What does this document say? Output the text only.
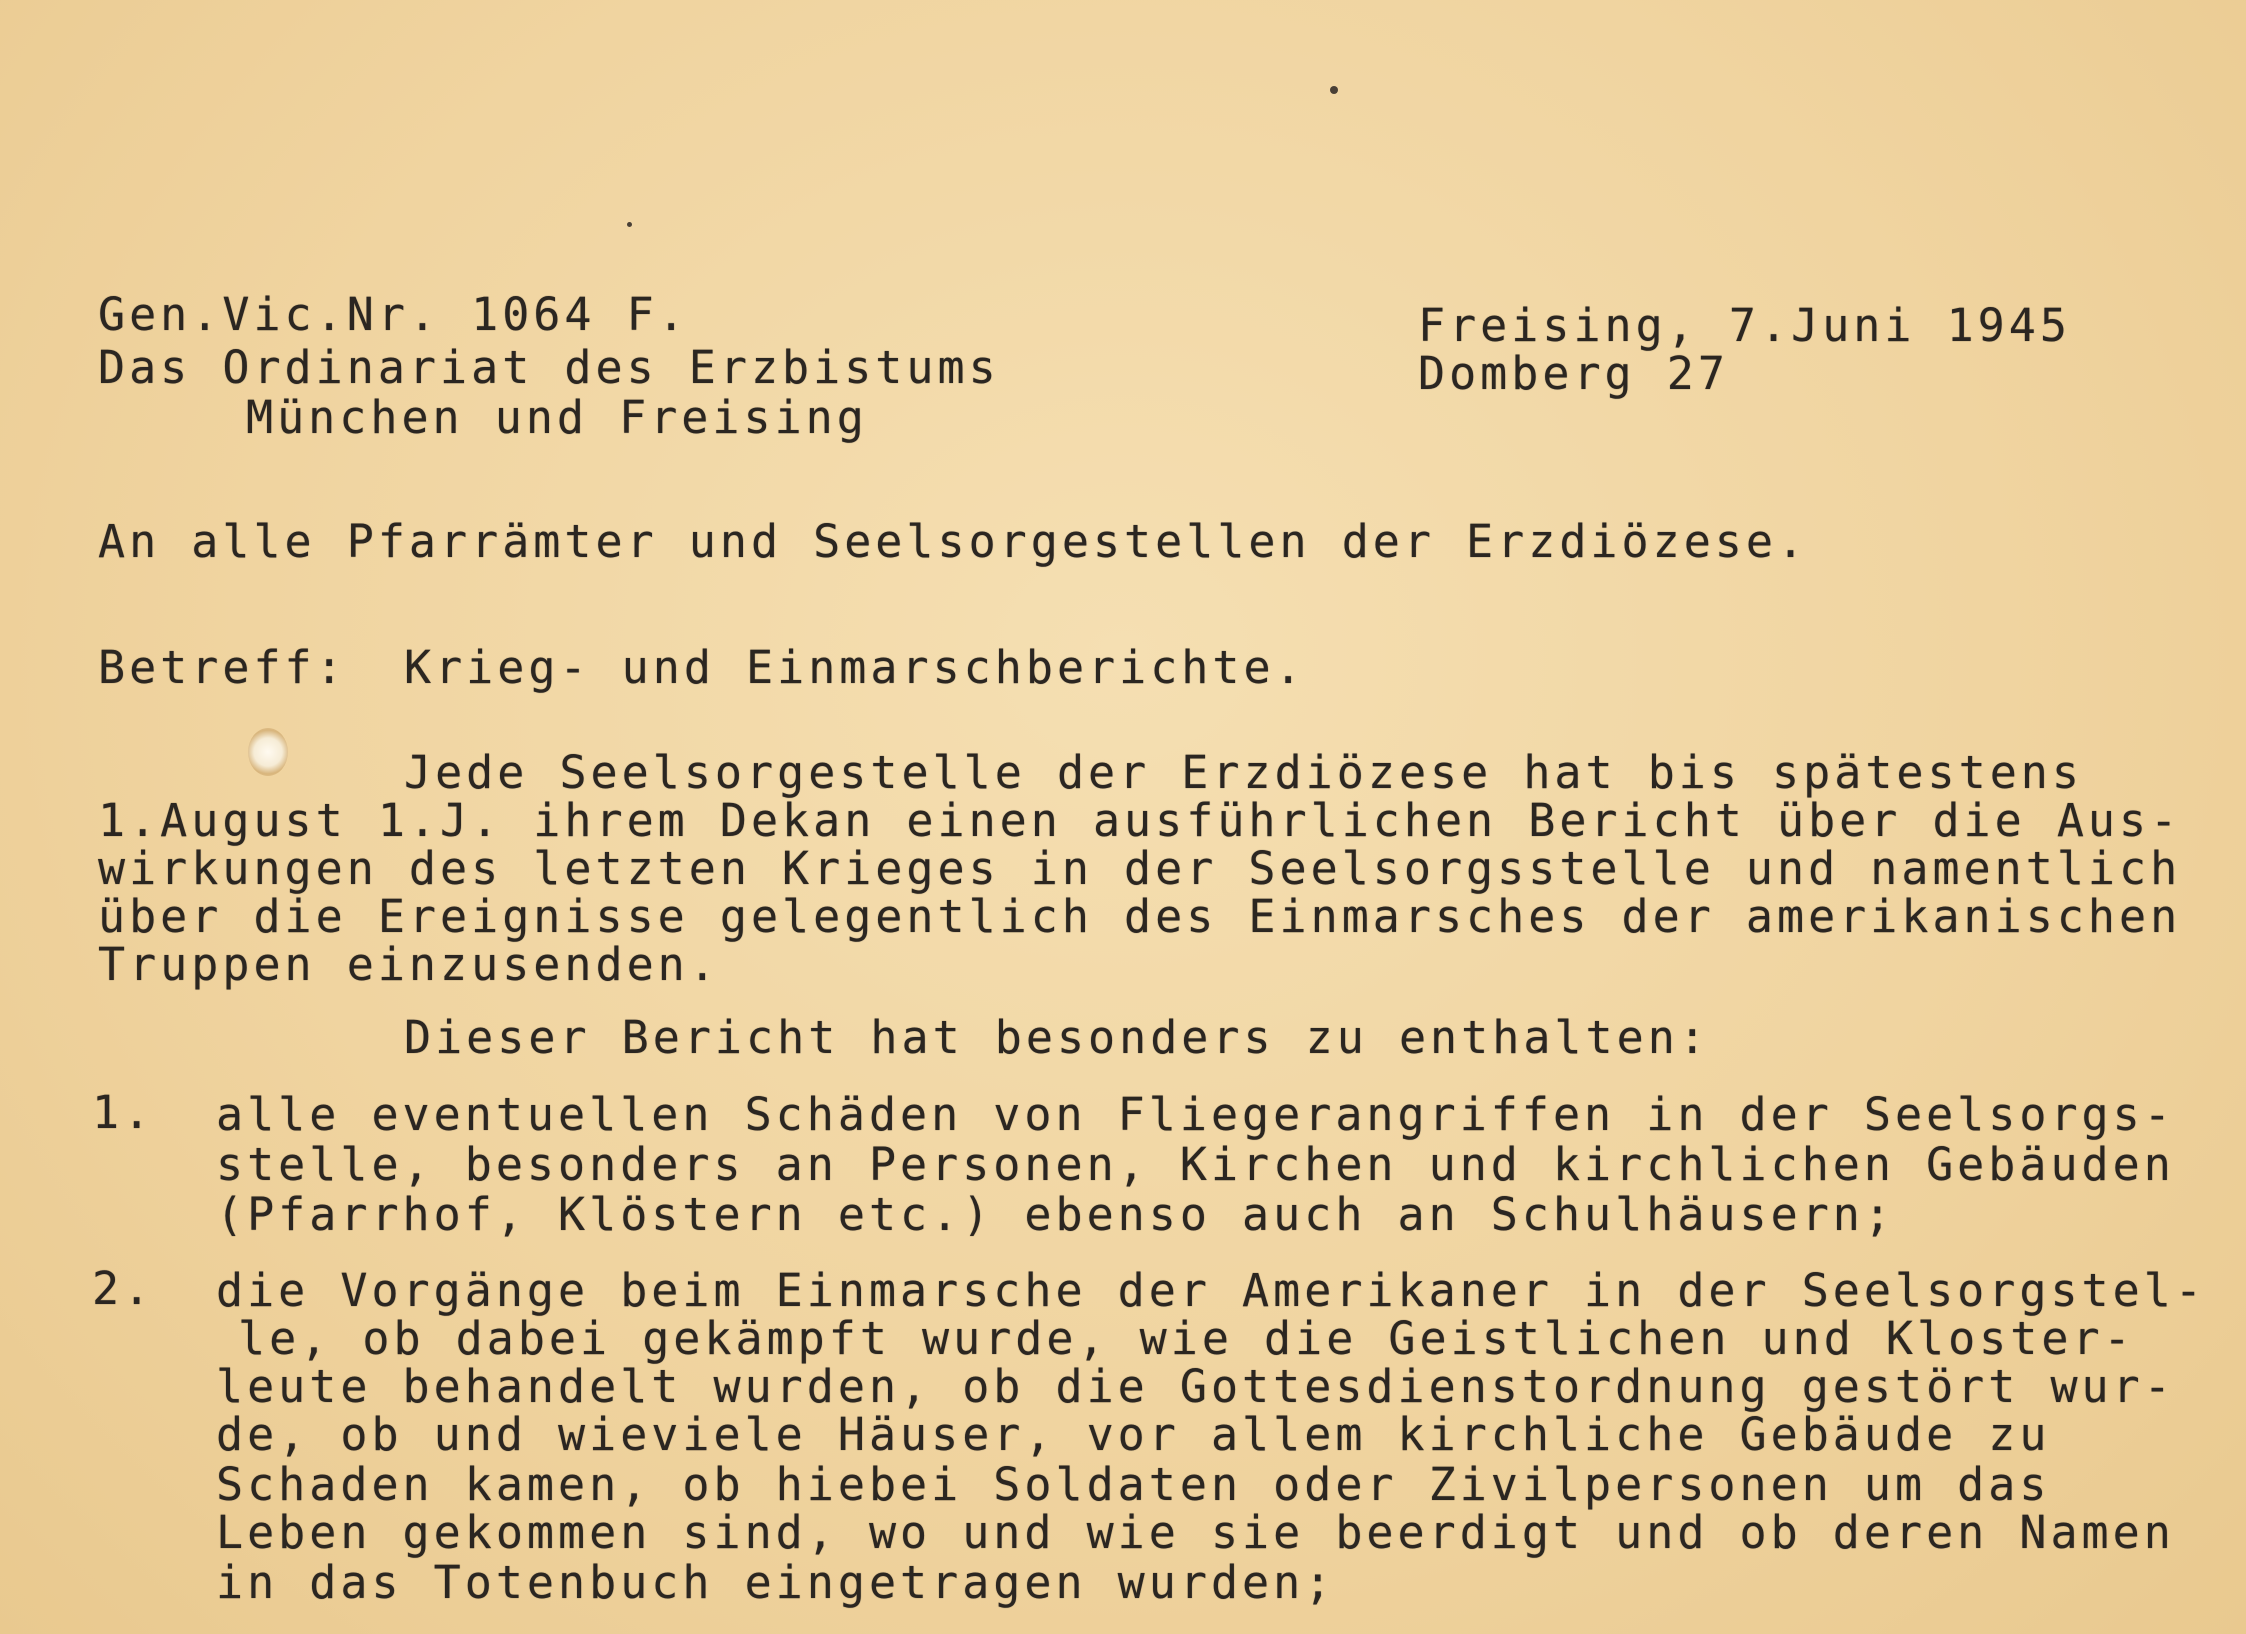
Gen.Vic.Nr. 1064 F.
Das Ordinariat des Erzbistums
München und Freising
Freising, 7.Juni 1945
Domberg 27
An alle Pfarrämter und Seelsorgestellen der Erzdiözese.
Betreff: Krieg- und Einmarschberichte.
Jede Seelsorgestelle der Erzdiözese hat bis spätestens
1.August 1.J. ihrem Dekan einen ausführlichen Bericht über die Aus-
wirkungen des letzten Krieges in der Seelsorgsstelle und namentlich
über die Ereignisse gelegentlich des Einmarsches der amerikanischen
Truppen einzusenden.
Dieser Bericht hat besonders zu enthalten:
1. alle eventuellen Schäden von Fliegerangriffen in der Seelsorgs-
stelle, besonders an Personen, Kirchen und kirchlichen Gebäuden
(Pfarrhof, Klöstern etc.) ebenso auch an Schulhäusern;
2. die Vorgänge beim Einmarsche der Amerikaner in der Seelsorgstel-
le, ob dabei gekämpft wurde, wie die Geistlichen und Kloster-
leute behandelt wurden, ob die Gottesdienstordnung gestört wur-
de, ob und wieviele Häuser, vor allem kirchliche Gebäude zu
Schaden kamen, ob hiebei Soldaten oder Zivilpersonen um das
Leben gekommen sind, wo und wie sie beerdigt und ob deren Namen
in das Totenbuch eingetragen wurden;
